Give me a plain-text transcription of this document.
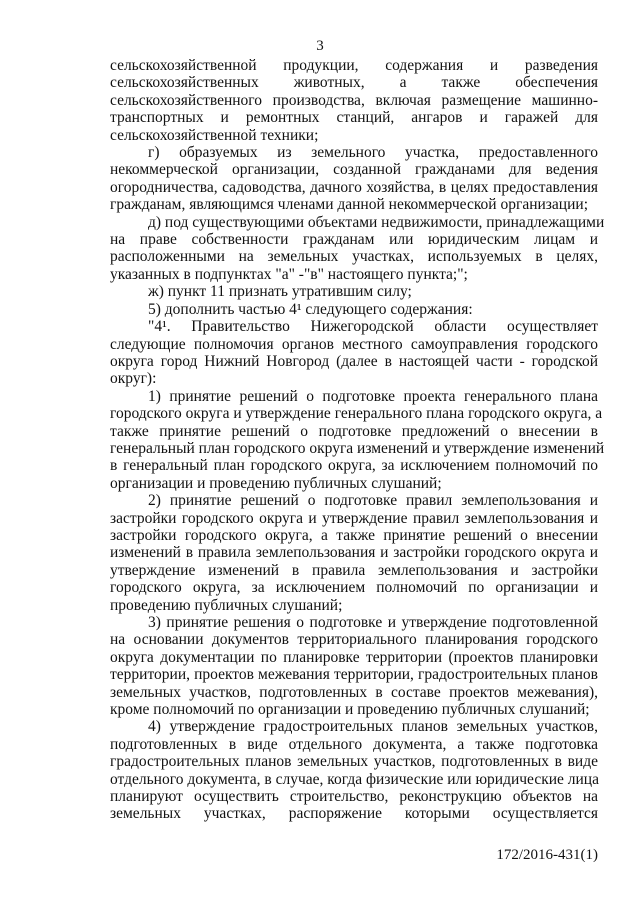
3
сельскохозяйственной продукции, содержания и разведения
сельскохозяйственных животных, а также обеспечения
сельскохозяйственного производства, включая размещение машинно-
транспортных и ремонтных станций, ангаров и гаражей для
сельскохозяйственной техники;
г) образуемых из земельного участка, предоставленного
некоммерческой организации, созданной гражданами для ведения
огородничества, садоводства, дачного хозяйства, в целях предоставления
гражданам, являющимся членами данной некоммерческой организации;
д) под существующими объектами недвижимости, принадлежащими
на праве собственности гражданам или юридическим лицам и
расположенными на земельных участках, используемых в целях,
указанных в подпунктах "а" -"в" настоящего пункта;";
ж) пункт 11 признать утратившим силу;
5) дополнить частью 4¹ следующего содержания:
"4¹. Правительство Нижегородской области осуществляет
следующие полномочия органов местного самоуправления городского
округа город Нижний Новгород (далее в настоящей части - городской
округ):
1) принятие решений о подготовке проекта генерального плана
городского округа и утверждение генерального плана городского округа, а
также принятие решений о подготовке предложений о внесении в
генеральный план городского округа изменений и утверждение изменений
в генеральный план городского округа, за исключением полномочий по
организации и проведению публичных слушаний;
2) принятие решений о подготовке правил землепользования и
застройки городского округа и утверждение правил землепользования и
застройки городского округа, а также принятие решений о внесении
изменений в правила землепользования и застройки городского округа и
утверждение изменений в правила землепользования и застройки
городского округа, за исключением полномочий по организации и
проведению публичных слушаний;
3) принятие решения о подготовке и утверждение подготовленной
на основании документов территориального планирования городского
округа документации по планировке территории (проектов планировки
территории, проектов межевания территории, градостроительных планов
земельных участков, подготовленных в составе проектов межевания),
кроме полномочий по организации и проведению публичных слушаний;
4) утверждение градостроительных планов земельных участков,
подготовленных в виде отдельного документа, а также подготовка
градостроительных планов земельных участков, подготовленных в виде
отдельного документа, в случае, когда физические или юридические лица
планируют осуществить строительство, реконструкцию объектов на
земельных участках, распоряжение которыми осуществляется
172/2016-431(1)
